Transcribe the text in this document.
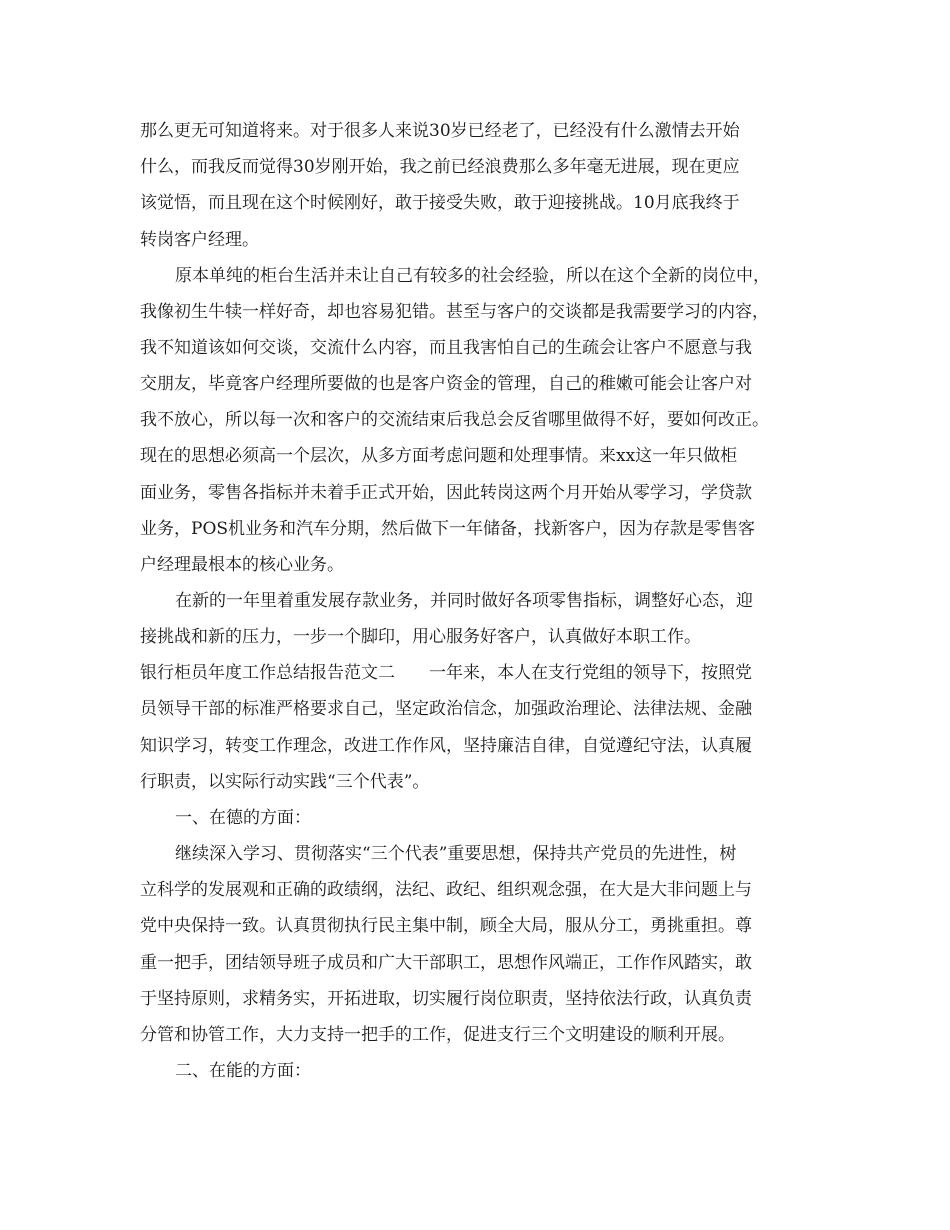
那么更无可知道将来。对于很多人来说30岁已经老了，已经没有什么激情去开始
什么，而我反而觉得30岁刚开始，我之前已经浪费那么多年毫无进展，现在更应
该觉悟，而且现在这个时候刚好，敢于接受失败，敢于迎接挑战。10月底我终于
转岗客户经理。
原本单纯的柜台生活并未让自己有较多的社会经验，所以在这个全新的岗位中，
我像初生牛犊一样好奇，却也容易犯错。甚至与客户的交谈都是我需要学习的内容，
我不知道该如何交谈，交流什么内容，而且我害怕自己的生疏会让客户不愿意与我
交朋友，毕竟客户经理所要做的也是客户资金的管理，自己的稚嫩可能会让客户对
我不放心，所以每一次和客户的交流结束后我总会反省哪里做得不好，要如何改正。
现在的思想必须高一个层次，从多方面考虑问题和处理事情。来xx这一年只做柜
面业务，零售各指标并未着手正式开始，因此转岗这两个月开始从零学习，学贷款
业务，POS机业务和汽车分期，然后做下一年储备，找新客户，因为存款是零售客
户经理最根本的核心业务。
在新的一年里着重发展存款业务，并同时做好各项零售指标，调整好心态，迎
接挑战和新的压力，一步一个脚印，用心服务好客户，认真做好本职工作。
银行柜员年度工作总结报告范文二　　一年来，本人在支行党组的领导下，按照党
员领导干部的标准严格要求自己，坚定政治信念，加强政治理论、法律法规、金融
知识学习，转变工作理念，改进工作作风，坚持廉洁自律，自觉遵纪守法，认真履
行职责，以实际行动实践“三个代表”。
一、在德的方面：
继续深入学习、贯彻落实“三个代表”重要思想，保持共产党员的先进性，树
立科学的发展观和正确的政绩纲，法纪、政纪、组织观念强，在大是大非问题上与
党中央保持一致。认真贯彻执行民主集中制，顾全大局，服从分工，勇挑重担。尊
重一把手，团结领导班子成员和广大干部职工，思想作风端正，工作作风踏实，敢
于坚持原则，求精务实，开拓进取，切实履行岗位职责，坚持依法行政，认真负责
分管和协管工作，大力支持一把手的工作，促进支行三个文明建设的顺利开展。
二、在能的方面：
